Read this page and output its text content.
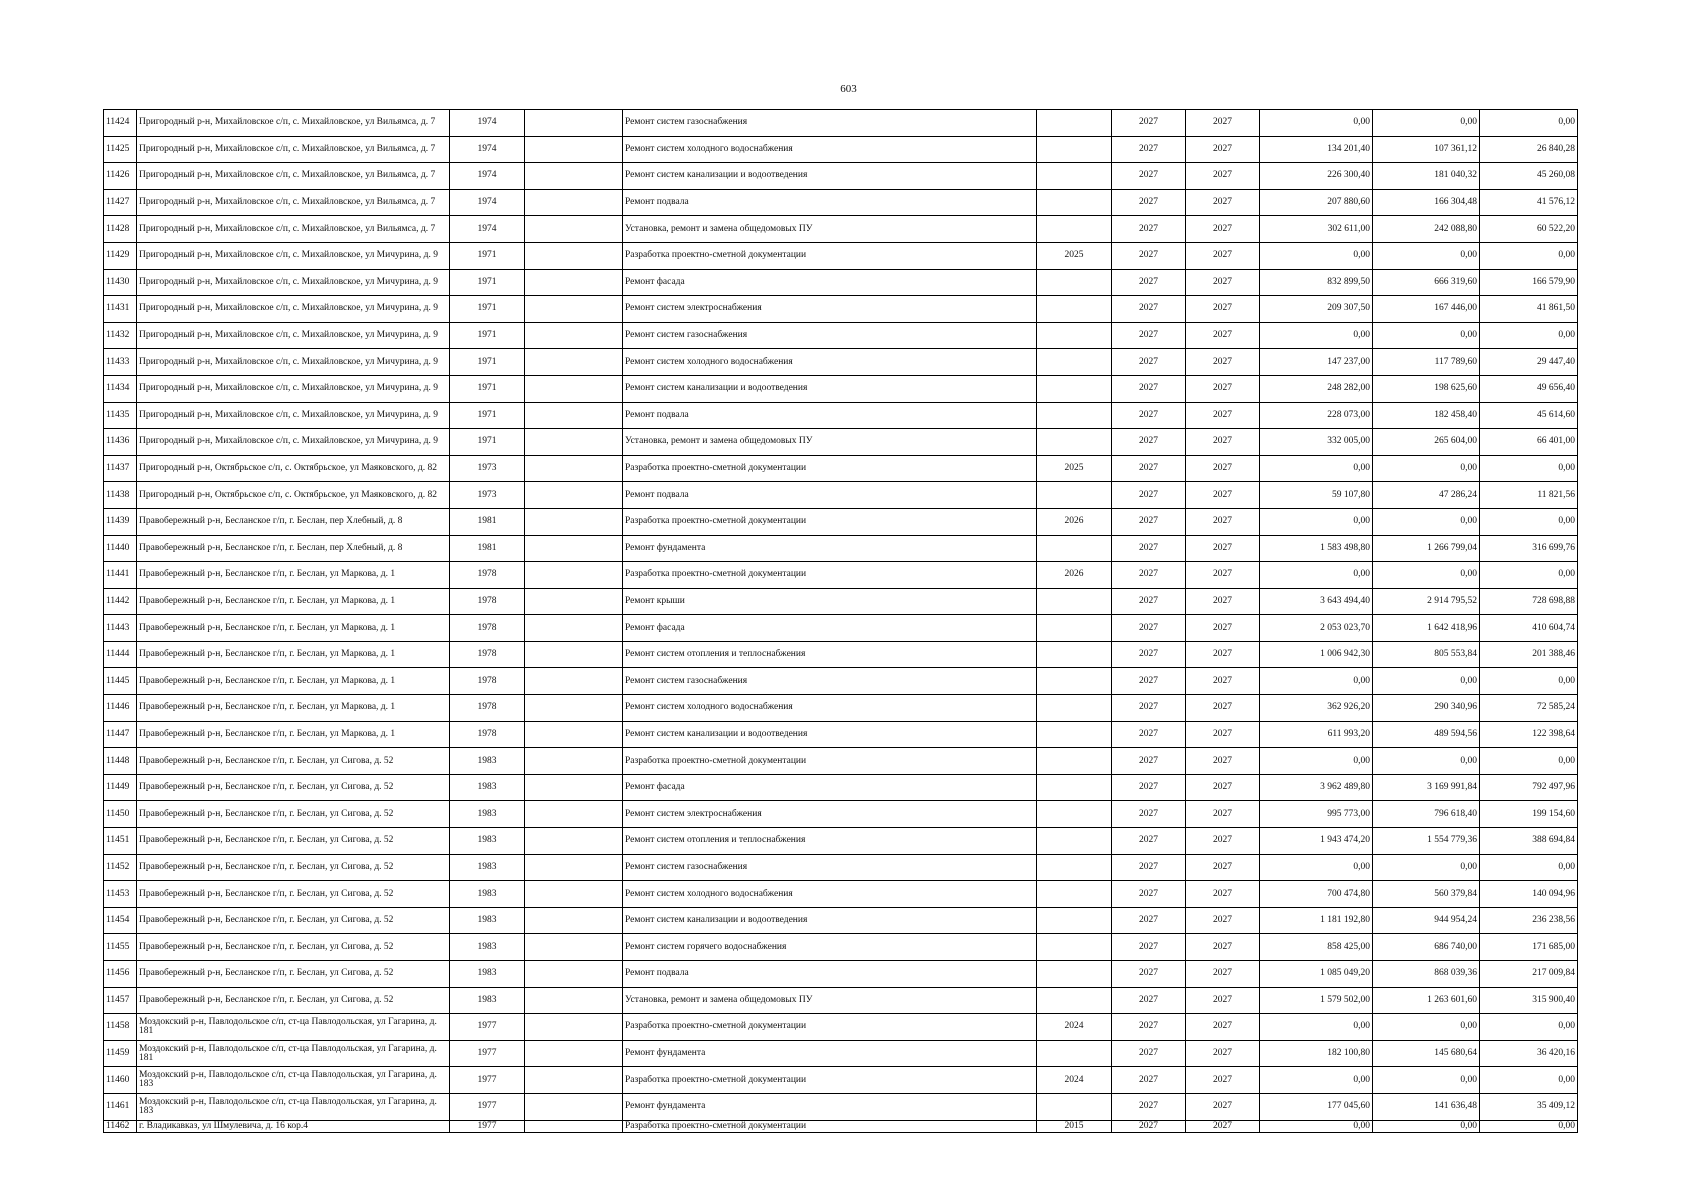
603
11424	Пригородный р-н, Михайловское с/п, с. Михайловское, ул Вильямса, д. 7	1974		Ремонт систем газоснабжения		2027	2027	0,00	0,00	0,00
11425	Пригородный р-н, Михайловское с/п, с. Михайловское, ул Вильямса, д. 7	1974		Ремонт систем холодного водоснабжения		2027	2027	134 201,40	107 361,12	26 840,28
11426	Пригородный р-н, Михайловское с/п, с. Михайловское, ул Вильямса, д. 7	1974		Ремонт систем канализации и водоотведения		2027	2027	226 300,40	181 040,32	45 260,08
11427	Пригородный р-н, Михайловское с/п, с. Михайловское, ул Вильямса, д. 7	1974		Ремонт подвала		2027	2027	207 880,60	166 304,48	41 576,12
11428	Пригородный р-н, Михайловское с/п, с. Михайловское, ул Вильямса, д. 7	1974		Установка, ремонт и замена общедомовых ПУ		2027	2027	302 611,00	242 088,80	60 522,20
11429	Пригородный р-н, Михайловское с/п, с. Михайловское, ул Мичурина, д. 9	1971		Разработка проектно-сметной документации	2025	2027	2027	0,00	0,00	0,00
11430	Пригородный р-н, Михайловское с/п, с. Михайловское, ул Мичурина, д. 9	1971		Ремонт фасада		2027	2027	832 899,50	666 319,60	166 579,90
11431	Пригородный р-н, Михайловское с/п, с. Михайловское, ул Мичурина, д. 9	1971		Ремонт систем электроснабжения		2027	2027	209 307,50	167 446,00	41 861,50
11432	Пригородный р-н, Михайловское с/п, с. Михайловское, ул Мичурина, д. 9	1971		Ремонт систем газоснабжения		2027	2027	0,00	0,00	0,00
11433	Пригородный р-н, Михайловское с/п, с. Михайловское, ул Мичурина, д. 9	1971		Ремонт систем холодного водоснабжения		2027	2027	147 237,00	117 789,60	29 447,40
11434	Пригородный р-н, Михайловское с/п, с. Михайловское, ул Мичурина, д. 9	1971		Ремонт систем канализации и водоотведения		2027	2027	248 282,00	198 625,60	49 656,40
11435	Пригородный р-н, Михайловское с/п, с. Михайловское, ул Мичурина, д. 9	1971		Ремонт подвала		2027	2027	228 073,00	182 458,40	45 614,60
11436	Пригородный р-н, Михайловское с/п, с. Михайловское, ул Мичурина, д. 9	1971		Установка, ремонт и замена общедомовых ПУ		2027	2027	332 005,00	265 604,00	66 401,00
11437	Пригородный р-н, Октябрьское с/п, с. Октябрьское, ул Маяковского, д. 82	1973		Разработка проектно-сметной документации	2025	2027	2027	0,00	0,00	0,00
11438	Пригородный р-н, Октябрьское с/п, с. Октябрьское, ул Маяковского, д. 82	1973		Ремонт подвала		2027	2027	59 107,80	47 286,24	11 821,56
11439	Правобережный р-н, Беcланское г/п, г. Беслан, пер Хлебный, д. 8	1981		Разработка проектно-сметной документации	2026	2027	2027	0,00	0,00	0,00
11440	Правобережный р-н, Беcланское г/п, г. Беслан, пер Хлебный, д. 8	1981		Ремонт фундамента		2027	2027	1 583 498,80	1 266 799,04	316 699,76
11441	Правобережный р-н, Беcланское г/п, г. Беслан, ул Маркова, д. 1	1978		Разработка проектно-сметной документации	2026	2027	2027	0,00	0,00	0,00
11442	Правобережный р-н, Беcланское г/п, г. Беслан, ул Маркова, д. 1	1978		Ремонт крыши		2027	2027	3 643 494,40	2 914 795,52	728 698,88
11443	Правобережный р-н, Беcланское г/п, г. Беслан, ул Маркова, д. 1	1978		Ремонт фасада		2027	2027	2 053 023,70	1 642 418,96	410 604,74
11444	Правобережный р-н, Беcланское г/п, г. Беслан, ул Маркова, д. 1	1978		Ремонт систем отопления и теплоснабжения		2027	2027	1 006 942,30	805 553,84	201 388,46
11445	Правобережный р-н, Беcланское г/п, г. Беслан, ул Маркова, д. 1	1978		Ремонт систем газоснабжения		2027	2027	0,00	0,00	0,00
11446	Правобережный р-н, Беcланское г/п, г. Беслан, ул Маркова, д. 1	1978		Ремонт систем холодного водоснабжения		2027	2027	362 926,20	290 340,96	72 585,24
11447	Правобережный р-н, Беcланское г/п, г. Беслан, ул Маркова, д. 1	1978		Ремонт систем канализации и водоотведения		2027	2027	611 993,20	489 594,56	122 398,64
11448	Правобережный р-н, Беcланское г/п, г. Беслан, ул Сигова, д. 52	1983		Разработка проектно-сметной документации		2027	2027	0,00	0,00	0,00
11449	Правобережный р-н, Беcланское г/п, г. Беслан, ул Сигова, д. 52	1983		Ремонт фасада		2027	2027	3 962 489,80	3 169 991,84	792 497,96
11450	Правобережный р-н, Беcланское г/п, г. Беслан, ул Сигова, д. 52	1983		Ремонт систем электроснабжения		2027	2027	995 773,00	796 618,40	199 154,60
11451	Правобережный р-н, Беcланское г/п, г. Беслан, ул Сигова, д. 52	1983		Ремонт систем отопления и теплоснабжения		2027	2027	1 943 474,20	1 554 779,36	388 694,84
11452	Правобережный р-н, Беcланское г/п, г. Беслан, ул Сигова, д. 52	1983		Ремонт систем газоснабжения		2027	2027	0,00	0,00	0,00
11453	Правобережный р-н, Беcланское г/п, г. Беслан, ул Сигова, д. 52	1983		Ремонт систем холодного водоснабжения		2027	2027	700 474,80	560 379,84	140 094,96
11454	Правобережный р-н, Беcланское г/п, г. Беслан, ул Сигова, д. 52	1983		Ремонт систем канализации и водоотведения		2027	2027	1 181 192,80	944 954,24	236 238,56
11455	Правобережный р-н, Беcланское г/п, г. Беслан, ул Сигова, д. 52	1983		Ремонт систем горячего водоснабжения		2027	2027	858 425,00	686 740,00	171 685,00
11456	Правобережный р-н, Беcланское г/п, г. Беслан, ул Сигова, д. 52	1983		Ремонт подвала		2027	2027	1 085 049,20	868 039,36	217 009,84
11457	Правобережный р-н, Беcланское г/п, г. Беслан, ул Сигова, д. 52	1983		Установка, ремонт и замена общедомовых ПУ		2027	2027	1 579 502,00	1 263 601,60	315 900,40
11458	Моздокский р-н, Павлодольское с/п, ст-ца Павлодольская, ул Гагарина, д. 181	1977		Разработка проектно-сметной документации	2024	2027	2027	0,00	0,00	0,00
11459	Моздокский р-н, Павлодольское с/п, ст-ца Павлодольская, ул Гагарина, д. 181	1977		Ремонт фундамента		2027	2027	182 100,80	145 680,64	36 420,16
11460	Моздокский р-н, Павлодольское с/п, ст-ца Павлодольская, ул Гагарина, д. 183	1977		Разработка проектно-сметной документации	2024	2027	2027	0,00	0,00	0,00
11461	Моздокский р-н, Павлодольское с/п, ст-ца Павлодольская, ул Гагарина, д. 183	1977		Ремонт фундамента		2027	2027	177 045,60	141 636,48	35 409,12
11462	г. Владикавказ, ул Шмулевича, д. 16 кор.4	1977		Разработка проектно-сметной документации	2015	2027	2027	0,00	0,00	0,00
